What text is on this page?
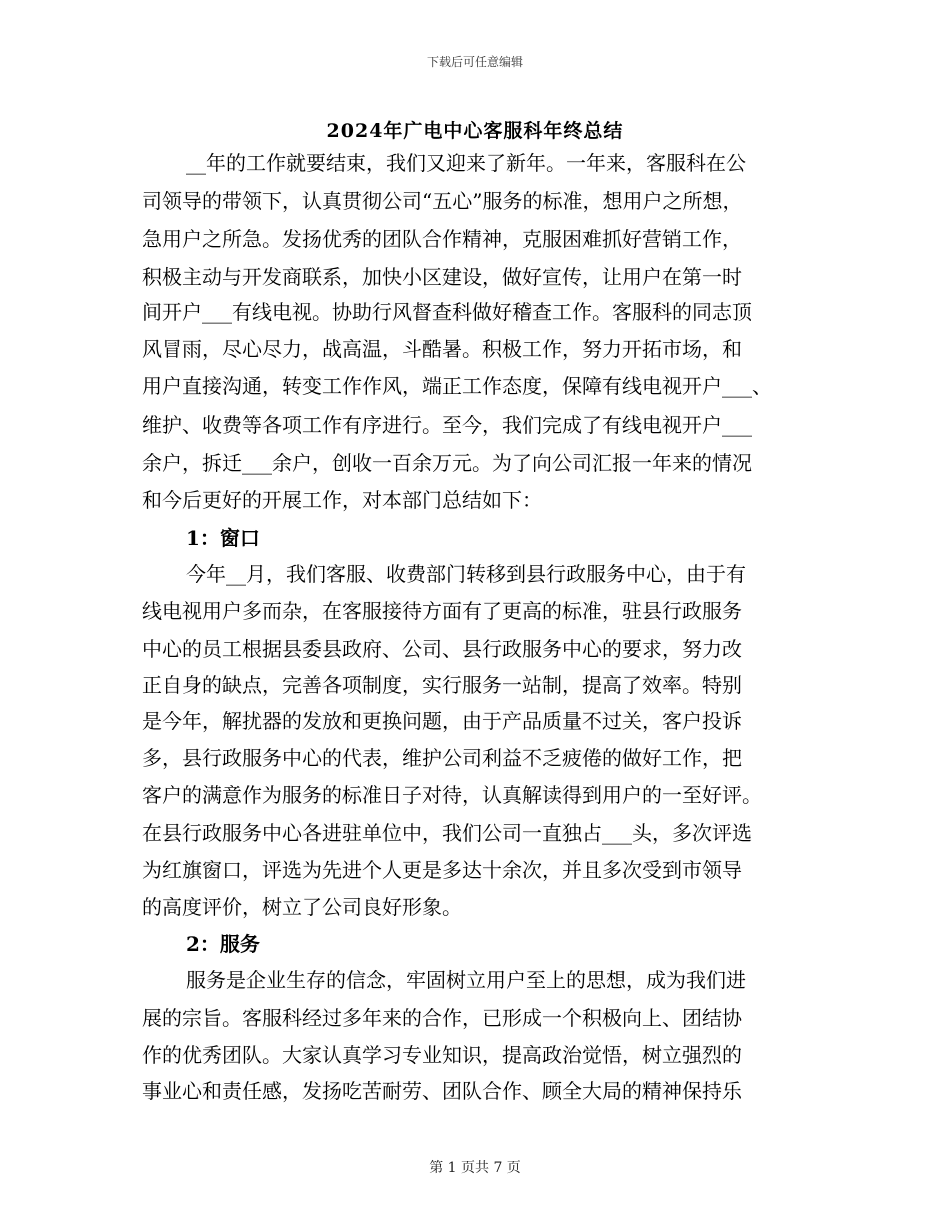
下载后可任意编辑
2024年广电中心客服科年终总结
__年的工作就要结束，我们又迎来了新年。一年来，客服科在公
司领导的带领下，认真贯彻公司“五心”服务的标准，想用户之所想，
急用户之所急。发扬优秀的团队合作精神，克服困难抓好营销工作，
积极主动与开发商联系，加快小区建设，做好宣传，让用户在第一时
间开户___有线电视。协助行风督查科做好稽查工作。客服科的同志顶
风冒雨，尽心尽力，战高温，斗酷暑。积极工作，努力开拓市场，和
用户直接沟通，转变工作作风，端正工作态度，保障有线电视开户___、
维护、收费等各项工作有序进行。至今，我们完成了有线电视开户___
余户，拆迁___余户，创收一百余万元。为了向公司汇报一年来的情况
和今后更好的开展工作，对本部门总结如下：
1：窗口
今年__月，我们客服、收费部门转移到县行政服务中心，由于有
线电视用户多而杂，在客服接待方面有了更高的标准，驻县行政服务
中心的员工根据县委县政府、公司、县行政服务中心的要求，努力改
正自身的缺点，完善各项制度，实行服务一站制，提高了效率。特别
是今年，解扰器的发放和更换问题，由于产品质量不过关，客户投诉
多，县行政服务中心的代表，维护公司利益不乏疲倦的做好工作，把
客户的满意作为服务的标准日子对待，认真解读得到用户的一至好评。
在县行政服务中心各进驻单位中，我们公司一直独占___头，多次评选
为红旗窗口，评选为先进个人更是多达十余次，并且多次受到市领导
的高度评价，树立了公司良好形象。
2：服务
服务是企业生存的信念，牢固树立用户至上的思想，成为我们进
展的宗旨。客服科经过多年来的合作，已形成一个积极向上、团结协
作的优秀团队。大家认真学习专业知识，提高政治觉悟，树立强烈的
事业心和责任感，发扬吃苦耐劳、团队合作、顾全大局的精神保持乐
第 1 页共 7 页
